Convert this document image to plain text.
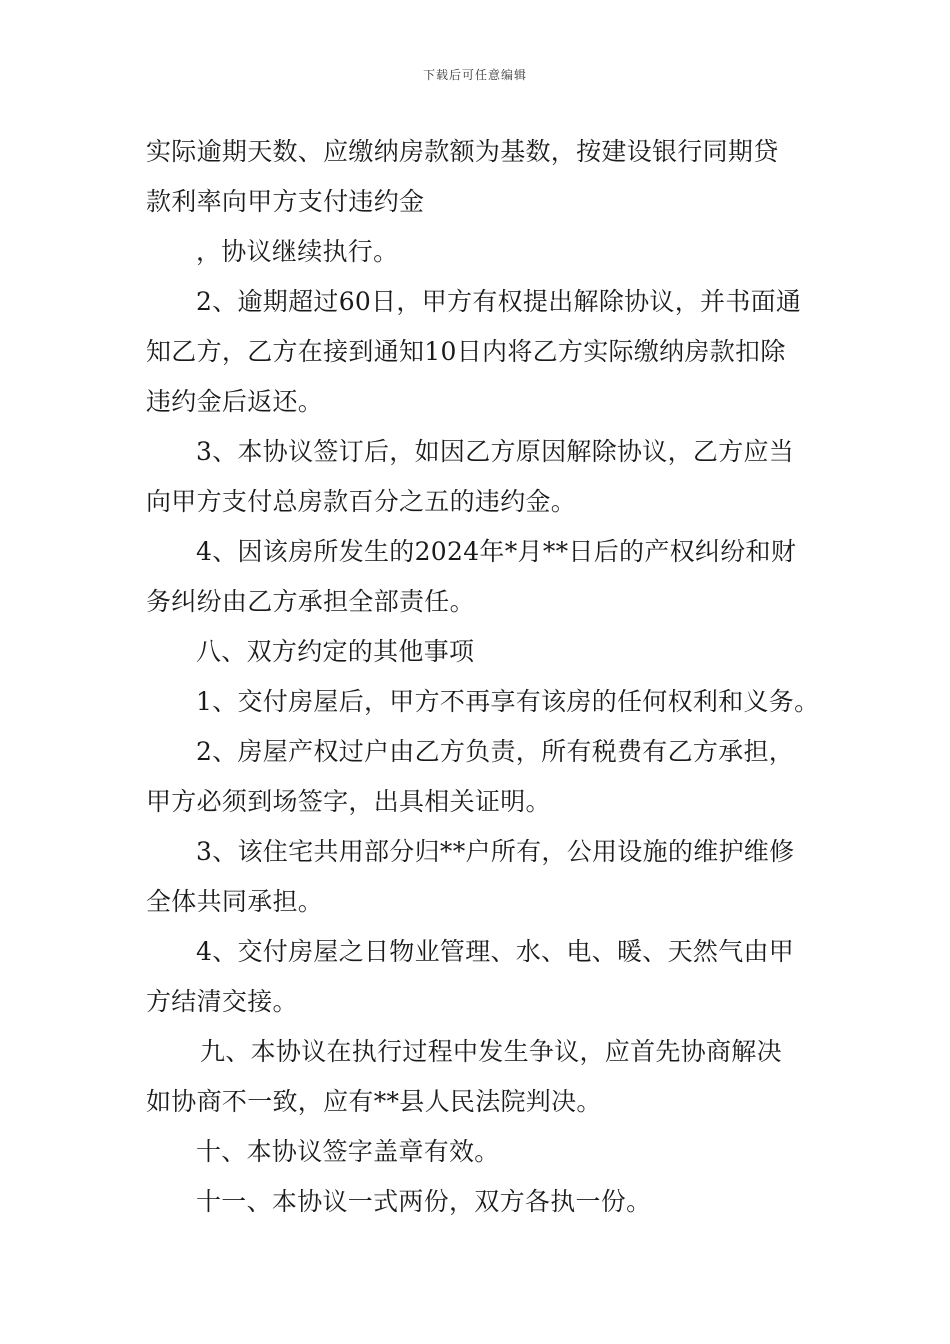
下载后可任意编辑
实际逾期天数、应缴纳房款额为基数，按建设银行同期贷
款利率向甲方支付违约金
，协议继续执行。
2、逾期超过60日，甲方有权提出解除协议，并书面通
知乙方，乙方在接到通知10日内将乙方实际缴纳房款扣除
违约金后返还。
3、本协议签订后，如因乙方原因解除协议，乙方应当
向甲方支付总房款百分之五的违约金。
4、因该房所发生的2024年*月**日后的产权纠纷和财
务纠纷由乙方承担全部责任。
八、双方约定的其他事项
1、交付房屋后，甲方不再享有该房的任何权利和义务。
2、房屋产权过户由乙方负责，所有税费有乙方承担，
甲方必须到场签字，出具相关证明。
3、该住宅共用部分归**户所有，公用设施的维护维修
全体共同承担。
4、交付房屋之日物业管理、水、电、暖、天然气由甲
方结清交接。
九、本协议在执行过程中发生争议，应首先协商解决
如协商不一致，应有**县人民法院判决。
十、本协议签字盖章有效。
十一、本协议一式两份，双方各执一份。
